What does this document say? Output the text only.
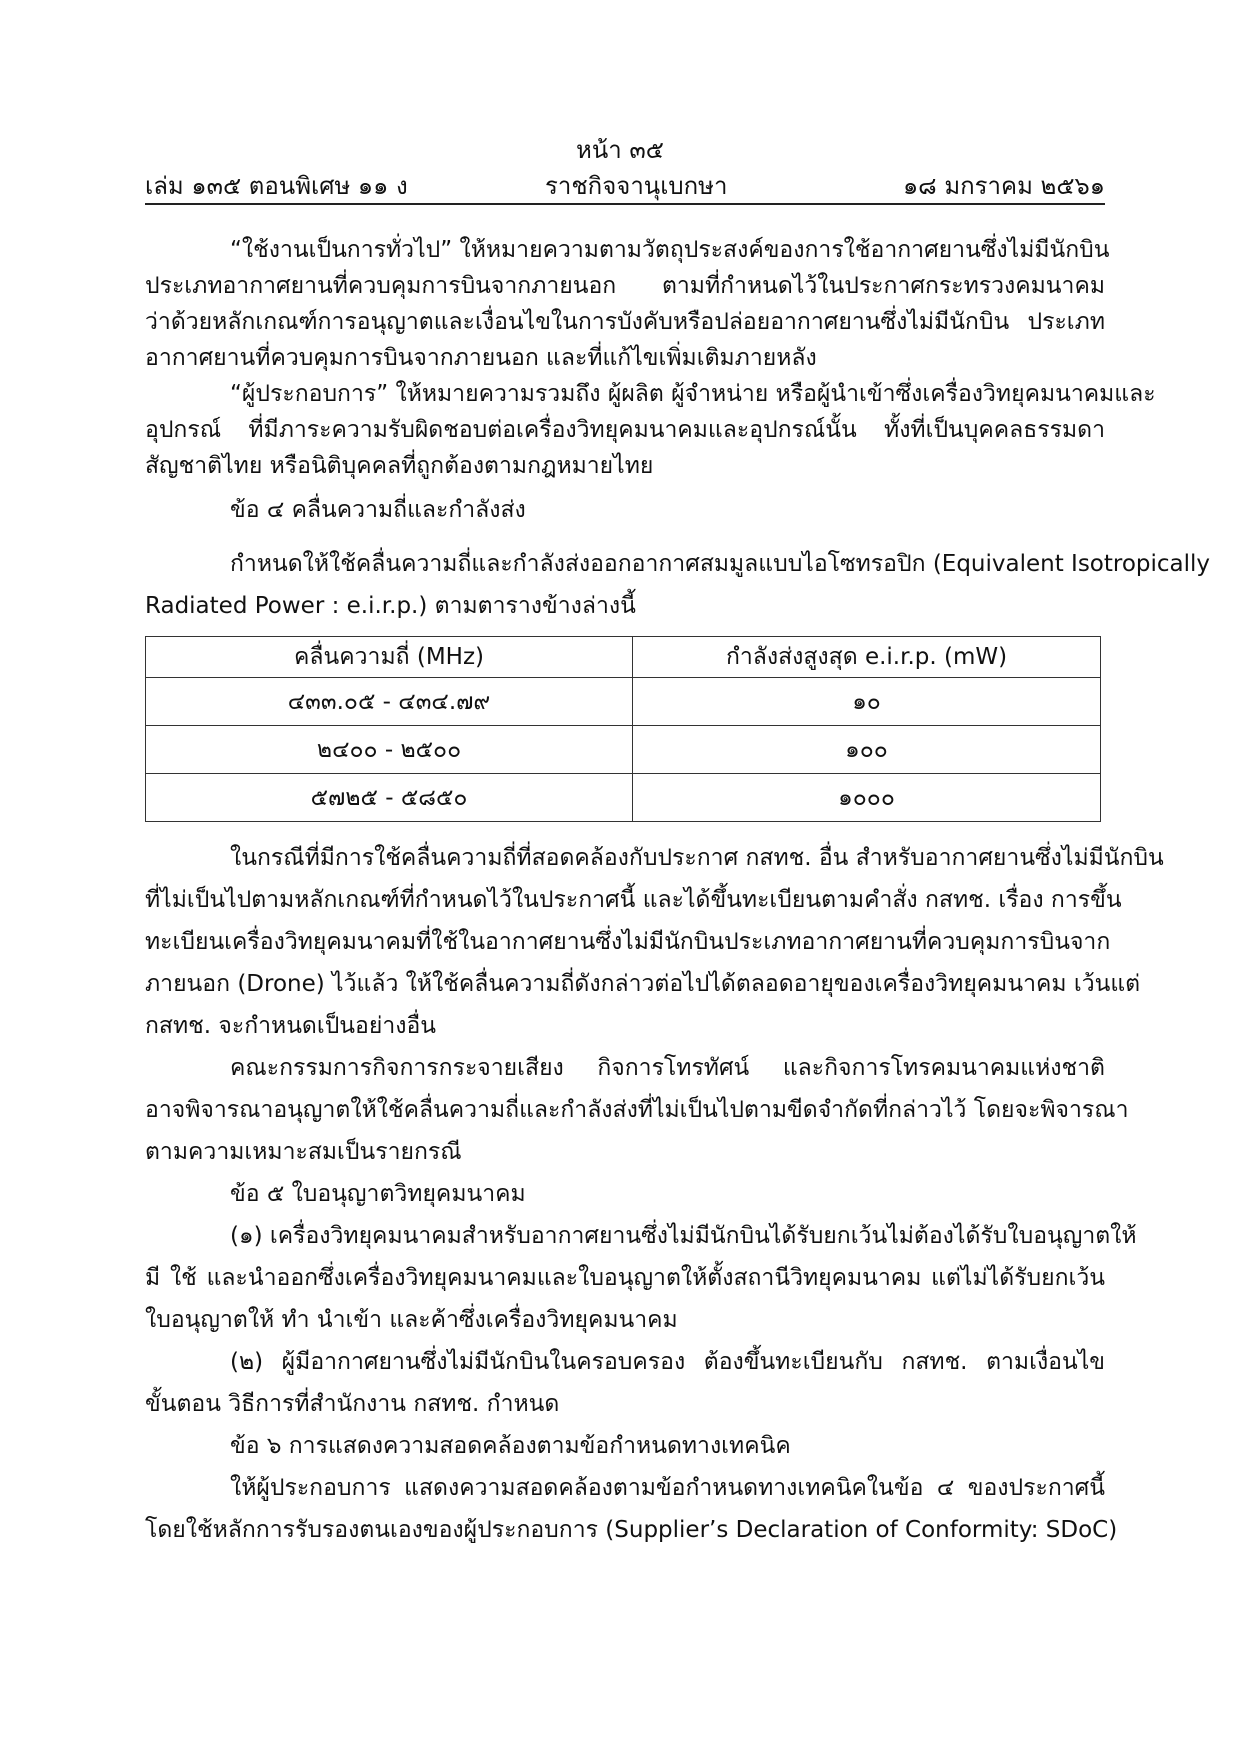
หน้า ๓๕
เล่ม ๑๓๕ ตอนพิเศษ ๑๑ ง	ราชกิจจานุเบกษา	๑๘ มกราคม ๒๕๖๑
“ใช้งานเป็นการทั่วไป” ให้หมายความตามวัตถุประสงค์ของการใช้อากาศยานซึ่งไม่มีนักบิน
ประเภทอากาศยานที่ควบคุมการบินจากภายนอก ตามที่กำหนดไว้ในประกาศกระทรวงคมนาคม
ว่าด้วยหลักเกณฑ์การอนุญาตและเงื่อนไขในการบังคับหรือปล่อยอากาศยานซึ่งไม่มีนักบิน ประเภท
อากาศยานที่ควบคุมการบินจากภายนอก และที่แก้ไขเพิ่มเติมภายหลัง
“ผู้ประกอบการ” ให้หมายความรวมถึง ผู้ผลิต ผู้จำหน่าย หรือผู้นำเข้าซึ่งเครื่องวิทยุคมนาคมและ
อุปกรณ์ ที่มีภาระความรับผิดชอบต่อเครื่องวิทยุคมนาคมและอุปกรณ์นั้น ทั้งที่เป็นบุคคลธรรมดา
สัญชาติไทย หรือนิติบุคคลที่ถูกต้องตามกฎหมายไทย
ข้อ ๔ คลื่นความถี่และกำลังส่ง
กำหนดให้ใช้คลื่นความถี่และกำลังส่งออกอากาศสมมูลแบบไอโซทรอปิก (Equivalent Isotropically
Radiated Power : e.i.r.p.) ตามตารางข้างล่างนี้
คลื่นความถี่ (MHz)	กำลังส่งสูงสุด e.i.r.p. (mW)
๔๓๓.๐๕ - ๔๓๔.๗๙	๑๐
๒๔๐๐ - ๒๕๐๐	๑๐๐
๕๗๒๕ - ๕๘๕๐	๑๐๐๐
ในกรณีที่มีการใช้คลื่นความถี่ที่สอดคล้องกับประกาศ กสทช. อื่น สำหรับอากาศยานซึ่งไม่มีนักบิน
ที่ไม่เป็นไปตามหลักเกณฑ์ที่กำหนดไว้ในประกาศนี้ และได้ขึ้นทะเบียนตามคำสั่ง กสทช. เรื่อง การขึ้น
ทะเบียนเครื่องวิทยุคมนาคมที่ใช้ในอากาศยานซึ่งไม่มีนักบินประเภทอากาศยานที่ควบคุมการบินจาก
ภายนอก (Drone) ไว้แล้ว ให้ใช้คลื่นความถี่ดังกล่าวต่อไปได้ตลอดอายุของเครื่องวิทยุคมนาคม เว้นแต่
กสทช. จะกำหนดเป็นอย่างอื่น
คณะกรรมการกิจการกระจายเสียง กิจการโทรทัศน์ และกิจการโทรคมนาคมแห่งชาติ
อาจพิจารณาอนุญาตให้ใช้คลื่นความถี่และกำลังส่งที่ไม่เป็นไปตามขีดจำกัดที่กล่าวไว้ โดยจะพิจารณา
ตามความเหมาะสมเป็นรายกรณี
ข้อ ๕ ใบอนุญาตวิทยุคมนาคม
(๑) เครื่องวิทยุคมนาคมสำหรับอากาศยานซึ่งไม่มีนักบินได้รับยกเว้นไม่ต้องได้รับใบอนุญาตให้
มี ใช้ และนำออกซึ่งเครื่องวิทยุคมนาคมและใบอนุญาตให้ตั้งสถานีวิทยุคมนาคม แต่ไม่ได้รับยกเว้น
ใบอนุญาตให้ ทำ นำเข้า และค้าซึ่งเครื่องวิทยุคมนาคม
(๒) ผู้มีอากาศยานซึ่งไม่มีนักบินในครอบครอง ต้องขึ้นทะเบียนกับ กสทช. ตามเงื่อนไข
ขั้นตอน วิธีการที่สำนักงาน กสทช. กำหนด
ข้อ ๖ การแสดงความสอดคล้องตามข้อกำหนดทางเทคนิค
ให้ผู้ประกอบการ แสดงความสอดคล้องตามข้อกำหนดทางเทคนิคในข้อ ๔ ของประกาศนี้
โดยใช้หลักการรับรองตนเองของผู้ประกอบการ (Supplier’s Declaration of Conformity: SDoC)
